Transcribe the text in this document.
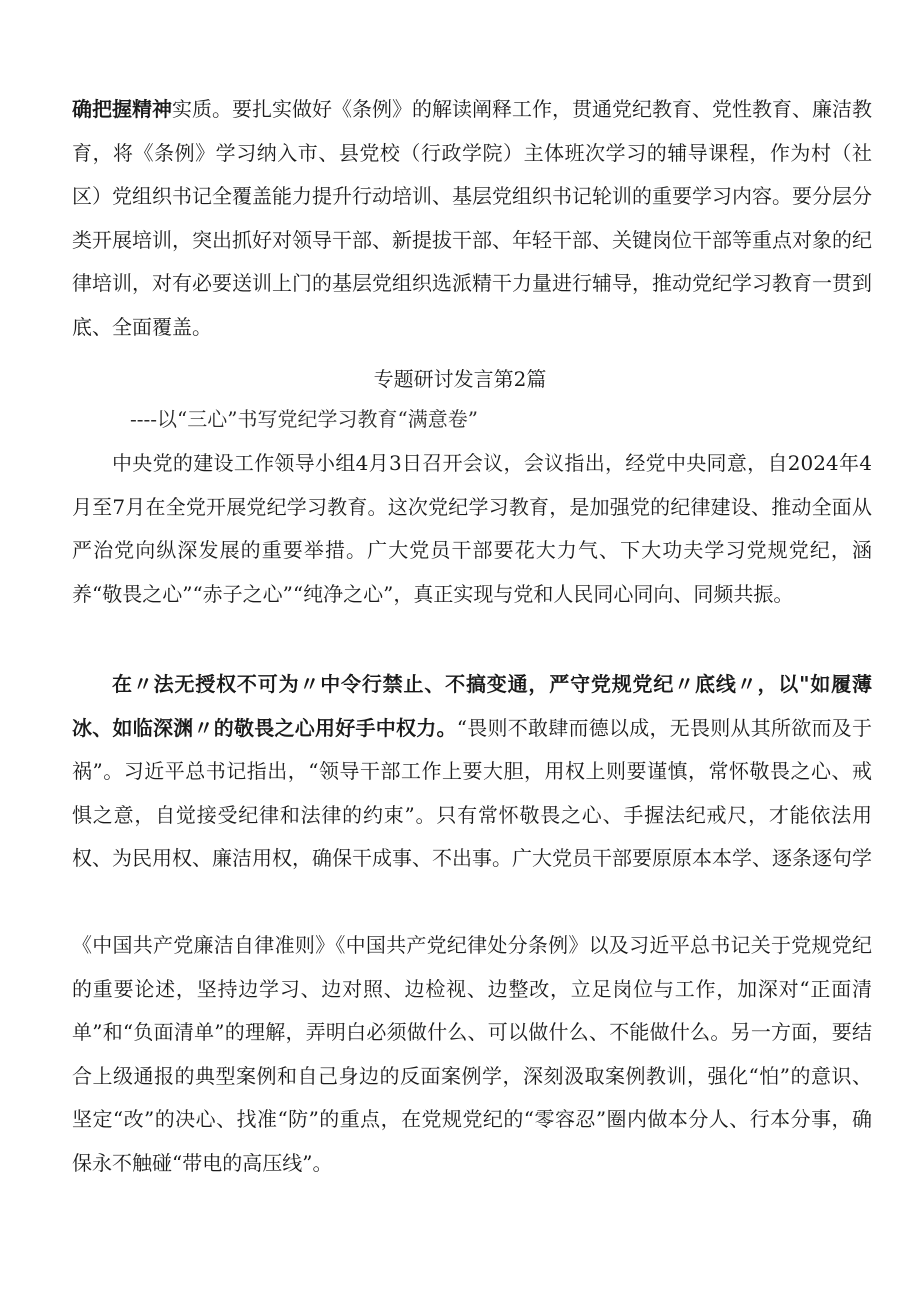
确把握精神实质。要扎实做好《条例》的解读阐释工作，贯通党纪教育、党性教育、廉洁教育，将《条例》学习纳入市、县党校（行政学院）主体班次学习的辅导课程，作为村（社区）党组织书记全覆盖能力提升行动培训、基层党组织书记轮训的重要学习内容。要分层分类开展培训，突出抓好对领导干部、新提拔干部、年轻干部、关键岗位干部等重点对象的纪律培训，对有必要送训上门的基层党组织选派精干力量进行辅导，推动党纪学习教育一贯到底、全面覆盖。

专题研讨发言第2篇

----以“三心”书写党纪学习教育“满意卷”

中央党的建设工作领导小组4月3日召开会议，会议指出，经党中央同意，自2024年4月至7月在全党开展党纪学习教育。这次党纪学习教育，是加强党的纪律建设、推动全面从严治党向纵深发展的重要举措。广大党员干部要花大力气、下大功夫学习党规党纪，涵养“敬畏之心”“赤子之心”“纯净之心”，真正实现与党和人民同心同向、同频共振。

在〃法无授权不可为〃中令行禁止、不搞变通，严守党规党纪〃底线〃，以"如履薄冰、如临深渊〃的敬畏之心用好手中权力。“畏则不敢肆而德以成，无畏则从其所欲而及于祸”。习近平总书记指出，“领导干部工作上要大胆，用权上则要谨慎，常怀敬畏之心、戒惧之意，自觉接受纪律和法律的约束”。只有常怀敬畏之心、手握法纪戒尺，才能依法用权、为民用权、廉洁用权，确保干成事、不出事。广大党员干部要原原本本学、逐条逐句学

《中国共产党廉洁自律准则》《中国共产党纪律处分条例》以及习近平总书记关于党规党纪的重要论述，坚持边学习、边对照、边检视、边整改，立足岗位与工作，加深对“正面清单”和“负面清单”的理解，弄明白必须做什么、可以做什么、不能做什么。另一方面，要结合上级通报的典型案例和自己身边的反面案例学，深刻汲取案例教训，强化“怕”的意识、坚定“改”的决心、找准“防”的重点，在党规党纪的“零容忍”圈内做本分人、行本分事，确保永不触碰“带电的高压线”。
